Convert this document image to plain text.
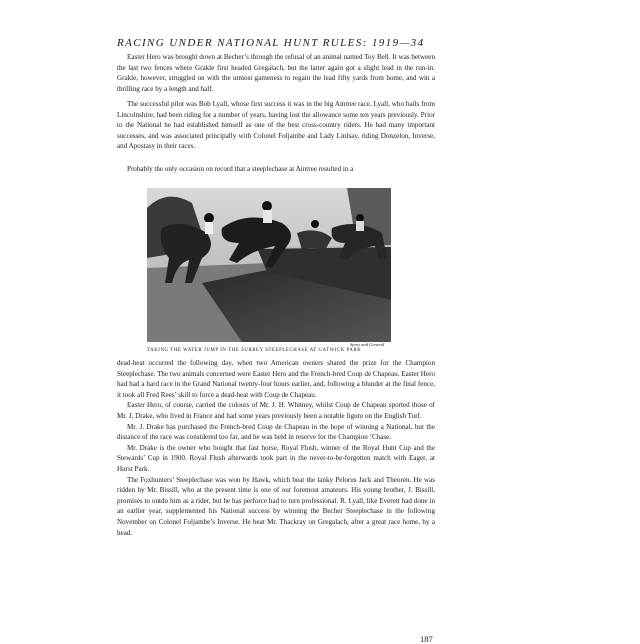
RACING UNDER NATIONAL HUNT RULES: 1919—34

Easter Hero was brought down at Becher’s through the refusal of an animal named Toy Bell. It was between the last two fences where Grakle first headed Gregalach, but the latter again got a slight lead in the run-in. Grakle, however, struggled on with the utmost gameness to regain the lead fifty yards from home, and win a thrilling race by a length and half.

The successful pilot was Bob Lyall, whose first success it was in the big Aintree race. Lyall, who hails from Lincolnshire, had been riding for a number of years, having lost the allowance some ten years previously. Prior to the National he had established himself as one of the best cross-country riders. He had many important successes, and was associated principally with Colonel Foljambe and Lady Linlsay, riding Donzelon, Inverse, and Apostasy in their races.

Probably the only occasion on record that a steeplechase at Aintree resulted in a

Sport and General
TAKING THE WATER JUMP IN THE SURREY STEEPLECHASE AT GATWICK PARK

dead-heat occurred the following day, when two American owners shared the prize for the Champion Steeplechase. The two animals concerned were Easter Hero and the French-bred Coup de Chapeau. Easter Hero had had a hard race in the Grand National twenty-four hours earlier, and, following a blunder at the final fence, it took all Fred Rees’ skill to force a dead-heat with Coup de Chapeau.

Easter Hero, of course, carried the colours of Mr. J. H. Whitney, whilst Coup de Chapeau sported those of Mr. J. Drake, who lived in France and had some years previously been a notable figure on the English Turf.

Mr. J. Drake has purchased the French-bred Coup de Chapeau in the hope of winning a National, but the distance of the race was considered too far, and he was held in reserve for the Champion ’Chase.

Mr. Drake is the owner who bought that fast horse, Royal Flush, winner of the Royal Hunt Cup and the Stewards’ Cup in 1900. Royal Flush afterwards took part in the never-to-be-forgotten match with Eager, at Hurst Park.

The Foxhunters’ Steeplechase was won by Hawk, which beat the lanky Pelorus Jack and Theoren. He was ridden by Mr. Bissill, who at the present time is one of our foremost amateurs. His young brother, J. Bissill, promises to outdo him as a rider, but he has perforce had to turn professional. R. Lyall, like Everett had done in an earlier year, supplemented his National success by winning the Becher Steeplechase in the following November on Colonel Foljambe’s Inverse. He beat Mr. Thackray on Gregalach, after a great race home, by a head.

187
